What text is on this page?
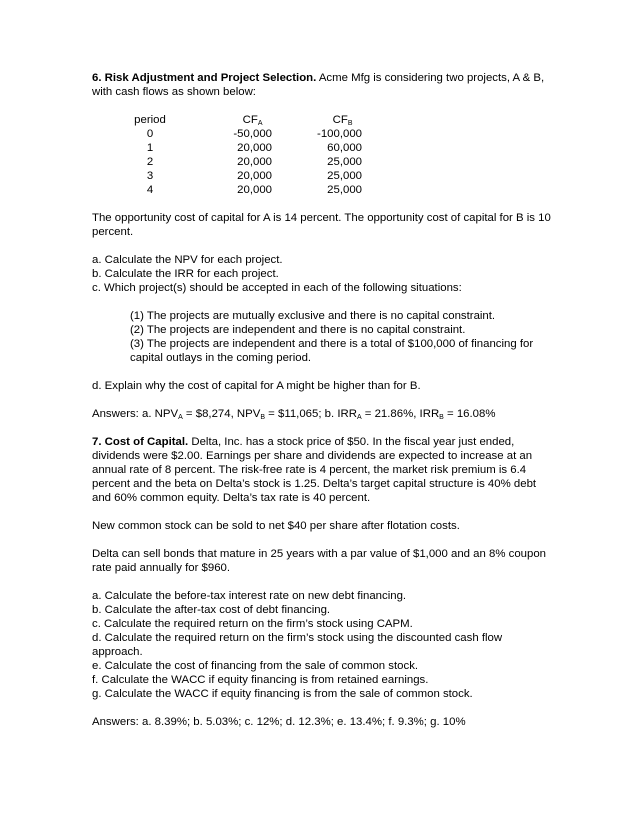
6. Risk Adjustment and Project Selection. Acme Mfg is considering two projects, A & B, with cash flows as shown below:

period	$CF_A$	$CF_B$
0	-50,000	-100,000
1	20,000	60,000
2	20,000	25,000
3	20,000	25,000
4	20,000	25,000

The opportunity cost of capital for A is 14 percent. The opportunity cost of capital for B is 10 percent.

a. Calculate the NPV for each project.

b. Calculate the IRR for each project.

c. Which project(s) should be accepted in each of the following situations:

(1) The projects are mutually exclusive and there is no capital constraint.

(2) The projects are independent and there is no capital constraint.

(3) The projects are independent and there is a total of $100,000 of financing for capital outlays in the coming period.

d. Explain why the cost of capital for A might be higher than for B.

Answers: a. $NPV_A$ = $8,274, $NPV_B$ = $11,065; b. $IRR_A = 21.86\%$, $IRR_B = 16.08\%$

7. Cost of Capital. Delta, Inc. has a stock price of $50. In the fiscal year just ended, dividends were $2.00. Earnings per share and dividends are expected to increase at an annual rate of 8 percent. The risk-free rate is 4 percent, the market risk premium is 6.4 percent and the beta on Delta’s stock is 1.25. Delta’s target capital structure is 40% debt and 60% common equity. Delta’s tax rate is 40 percent.

New common stock can be sold to net $40 per share after flotation costs.

Delta can sell bonds that mature in 25 years with a par value of $1,000 and an 8% coupon rate paid annually for $960.

a. Calculate the before-tax interest rate on new debt financing.

b. Calculate the after-tax cost of debt financing.

c. Calculate the required return on the firm’s stock using CAPM.

d. Calculate the required return on the firm’s stock using the discounted cash flow approach.

e. Calculate the cost of financing from the sale of common stock.

f. Calculate the WACC if equity financing is from retained earnings.

g. Calculate the WACC if equity financing is from the sale of common stock.

Answers: a. 8.39%; b. 5.03%; c. 12%; d. 12.3%; e. 13.4%; f. 9.3%; g. 10%
